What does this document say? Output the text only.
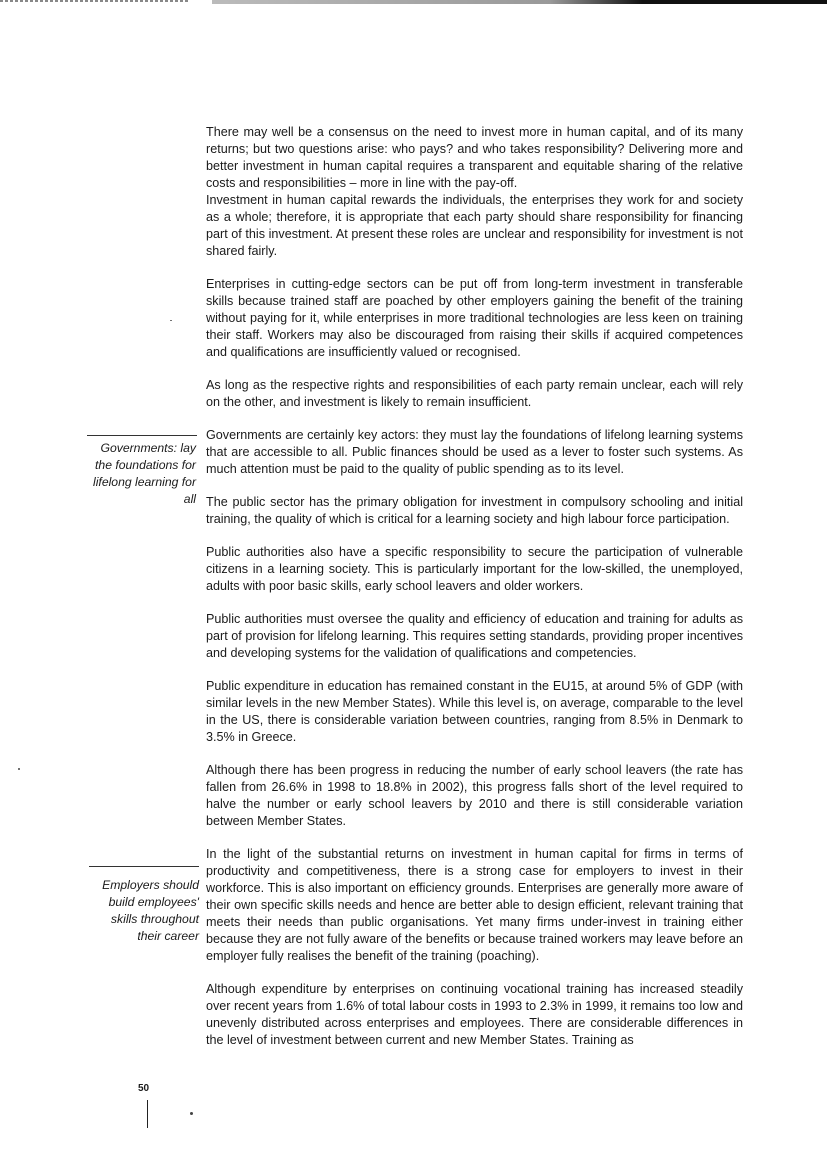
There may well be a consensus on the need to invest more in human capital, and of its many returns; but two questions arise: who pays? and who takes responsibility? Delivering more and better investment in human capital requires a transparent and equitable sharing of the relative costs and responsibilities – more in line with the pay-off.

Investment in human capital rewards the individuals, the enterprises they work for and society as a whole; therefore, it is appropriate that each party should share responsibility for financing part of this investment. At present these roles are unclear and responsibility for investment is not shared fairly.

Enterprises in cutting-edge sectors can be put off from long-term investment in transferable skills because trained staff are poached by other employers gaining the benefit of the training without paying for it, while enterprises in more traditional technologies are less keen on training their staff. Workers may also be discouraged from raising their skills if acquired competences and qualifications are insufficiently valued or recognised.

As long as the respective rights and responsibilities of each party remain unclear, each will rely on the other, and investment is likely to remain insufficient.

Governments are certainly key actors: they must lay the foundations of lifelong learning systems that are accessible to all. Public finances should be used as a lever to foster such systems. As much attention must be paid to the quality of public spending as to its level.

The public sector has the primary obligation for investment in compulsory schooling and initial training, the quality of which is critical for a learning society and high labour force participation.

Public authorities also have a specific responsibility to secure the participation of vulnerable citizens in a learning society. This is particularly important for the low-skilled, the unemployed, adults with poor basic skills, early school leavers and older workers.

Public authorities must oversee the quality and efficiency of education and training for adults as part of provision for lifelong learning. This requires setting standards, providing proper incentives and developing systems for the validation of qualifications and competencies.

Public expenditure in education has remained constant in the EU15, at around 5% of GDP (with similar levels in the new Member States). While this level is, on average, comparable to the level in the US, there is considerable variation between countries, ranging from 8.5% in Denmark to 3.5% in Greece.

Although there has been progress in reducing the number of early school leavers (the rate has fallen from 26.6% in 1998 to 18.8% in 2002), this progress falls short of the level required to halve the number or early school leavers by 2010 and there is still considerable variation between Member States.

In the light of the substantial returns on investment in human capital for firms in terms of productivity and competitiveness, there is a strong case for employers to invest in their workforce. This is also important on efficiency grounds. Enterprises are generally more aware of their own specific skills needs and hence are better able to design efficient, relevant training that meets their needs than public organisations. Yet many firms under-invest in training either because they are not fully aware of the benefits or because trained workers may leave before an employer fully realises the benefit of the training (poaching).

Although expenditure by enterprises on continuing vocational training has increased steadily over recent years from 1.6% of total labour costs in 1993 to 2.3% in 1999, it remains too low and unevenly distributed across enterprises and employees. There are considerable differences in the level of investment between current and new Member States. Training as

Governments: lay the foundations for lifelong learning for all
Employers should build employees' skills throughout their career
50
